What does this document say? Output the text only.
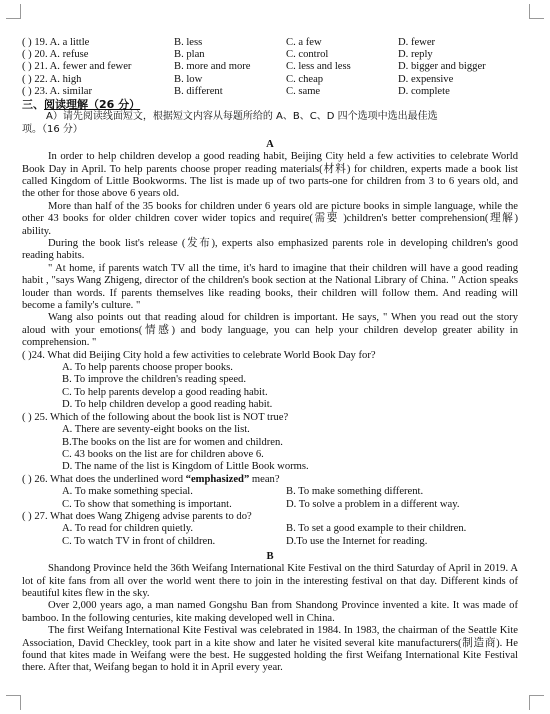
( ) 19. A. a little	B. less	C. a few	D. fewer
( ) 20. A. refuse	B. plan	C. control	D. reply
( ) 21. A. fewer and fewer	B. more and more	C. less and less	D. bigger and bigger
( ) 22. A. high	B. low	C. cheap	D. expensive
( ) 23. A. similar	B. different	C. same	D. complete
三、阅读理解（26 分）
A）请先阅读线面短文，根据短文内容从每题所给的 A、B、C、D 四个选项中选出最佳选
项。（16 分）
A

In order to help children develop a good reading habit, Beijing City held a few activities to celebrate World Book Day in April. To help parents choose proper reading materials(材料) for children, experts made a book list called Kingdom of Little Bookworms. The list is made up of two parts-one for children from 3 to 6 years old, and the other for those above 6 years old.

More than half of the 35 books for children under 6 years old are picture books in simple language, while the other 43 books for older children cover wider topics and require(需要 )children's better comprehension(理解) ability.

During the book list's release (发布), experts also emphasized parents role in developing children's good reading habits.

" At home, if parents watch TV all the time, it's hard to imagine that their children will have a good reading habit , "says Wang Zhigeng, director of the children's book section at the National Library of China. " Action speaks louder than words. If parents themselves like reading books, their children will follow them. And reading will become a family's culture. "

Wang also points out that reading aloud for children is important. He says, " When you read out the story aloud with your emotions(情感) and body language, you can help your children develop greater ability in comprehension. "

( )24. What did Beijing City hold a few activities to celebrate World Book Day for?
A. To help parents choose proper books.
B. To improve the children's reading speed.
C. To help parents develop a good reading habit.
D. To help children develop a good reading habit.
( ) 25. Which of the following about the book list is NOT true?
A. There are seventy-eight books on the list.
B.The books on the list are for women and children.
C. 43 books on the list are for children above 6.
D. The name of the list is Kingdom of Little Book worms.
( ) 26. What does the underlined word “emphasized” mean?
A. To make something special.	B. To make something different.
C. To show that something is important.	D. To solve a problem in a different way.
( ) 27. What does Wang Zhigeng advise parents to do?
A. To read for children quietly.	B. To set a good example to their children.
C. To watch TV in front of children.	D.To use the Internet for reading.
B

Shandong Province held the 36th Weifang International Kite Festival on the third Saturday of April in 2019. A lot of kite fans from all over the world went there to join in the interesting festival on that day. Different kinds of beautiful kites flew in the sky.

Over 2,000 years ago, a man named Gongshu Ban from Shandong Province invented a kite. It was made of bamboo. In the following centuries, kite making developed well in China.

The first Weifang International Kite Festival was celebrated in 1984. In 1983, the chairman of the Seattle Kite Association, David Checkley, took part in a kite show and later he visited several kite manufacturers(制造商). He found that kites made in Weifang were the best. He suggested holding the first Weifang International Kite Festival there. After that, Weifang began to hold it in April every year.
